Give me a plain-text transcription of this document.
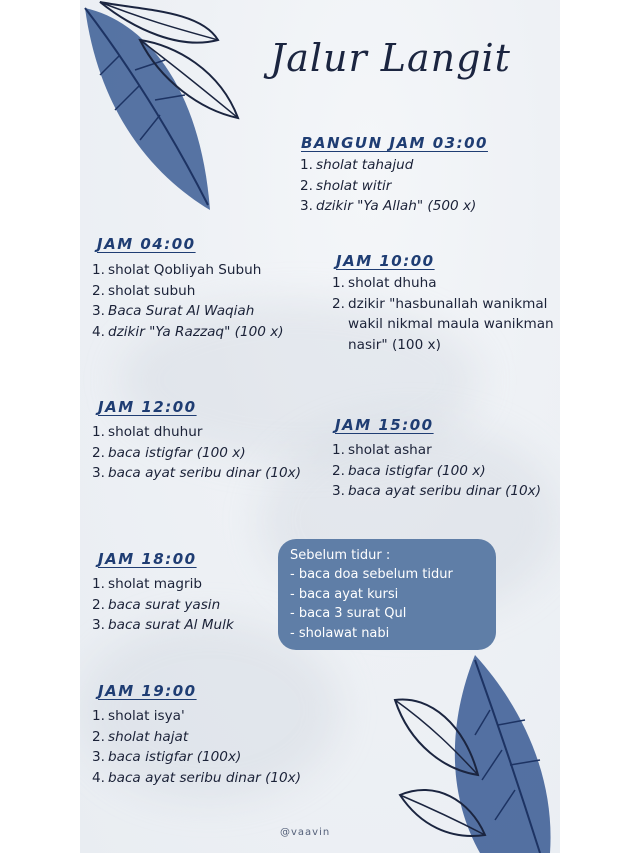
Jalur Langit
BANGUN JAM 03:00
1. sholat tahajud
2. sholat witir
3. dzikir "Ya Allah" (500 x)
JAM 04:00
1. sholat Qobliyah Subuh
2. sholat subuh
3. Baca Surat Al Waqiah
4. dzikir "Ya Razzaq" (100 x)
JAM 10:00
1. sholat dhuha
2. dzikir "hasbunallah wanikmal wakil nikmal maula wanikman nasir" (100 x)
JAM 12:00
1. sholat dhuhur
2. baca istigfar (100 x)
3. baca ayat seribu dinar (10x)
JAM 15:00
1. sholat ashar
2. baca istigfar (100 x)
3. baca ayat seribu dinar (10x)
JAM 18:00
1. sholat magrib
2. baca surat yasin
3. baca surat Al Mulk
Sebelum tidur :
- baca doa sebelum tidur
- baca ayat kursi
- baca 3 surat Qul
- sholawat nabi
JAM 19:00
1. sholat isya'
2. sholat hajat
3. baca istigfar (100x)
4. baca ayat seribu dinar (10x)
@vaavin
